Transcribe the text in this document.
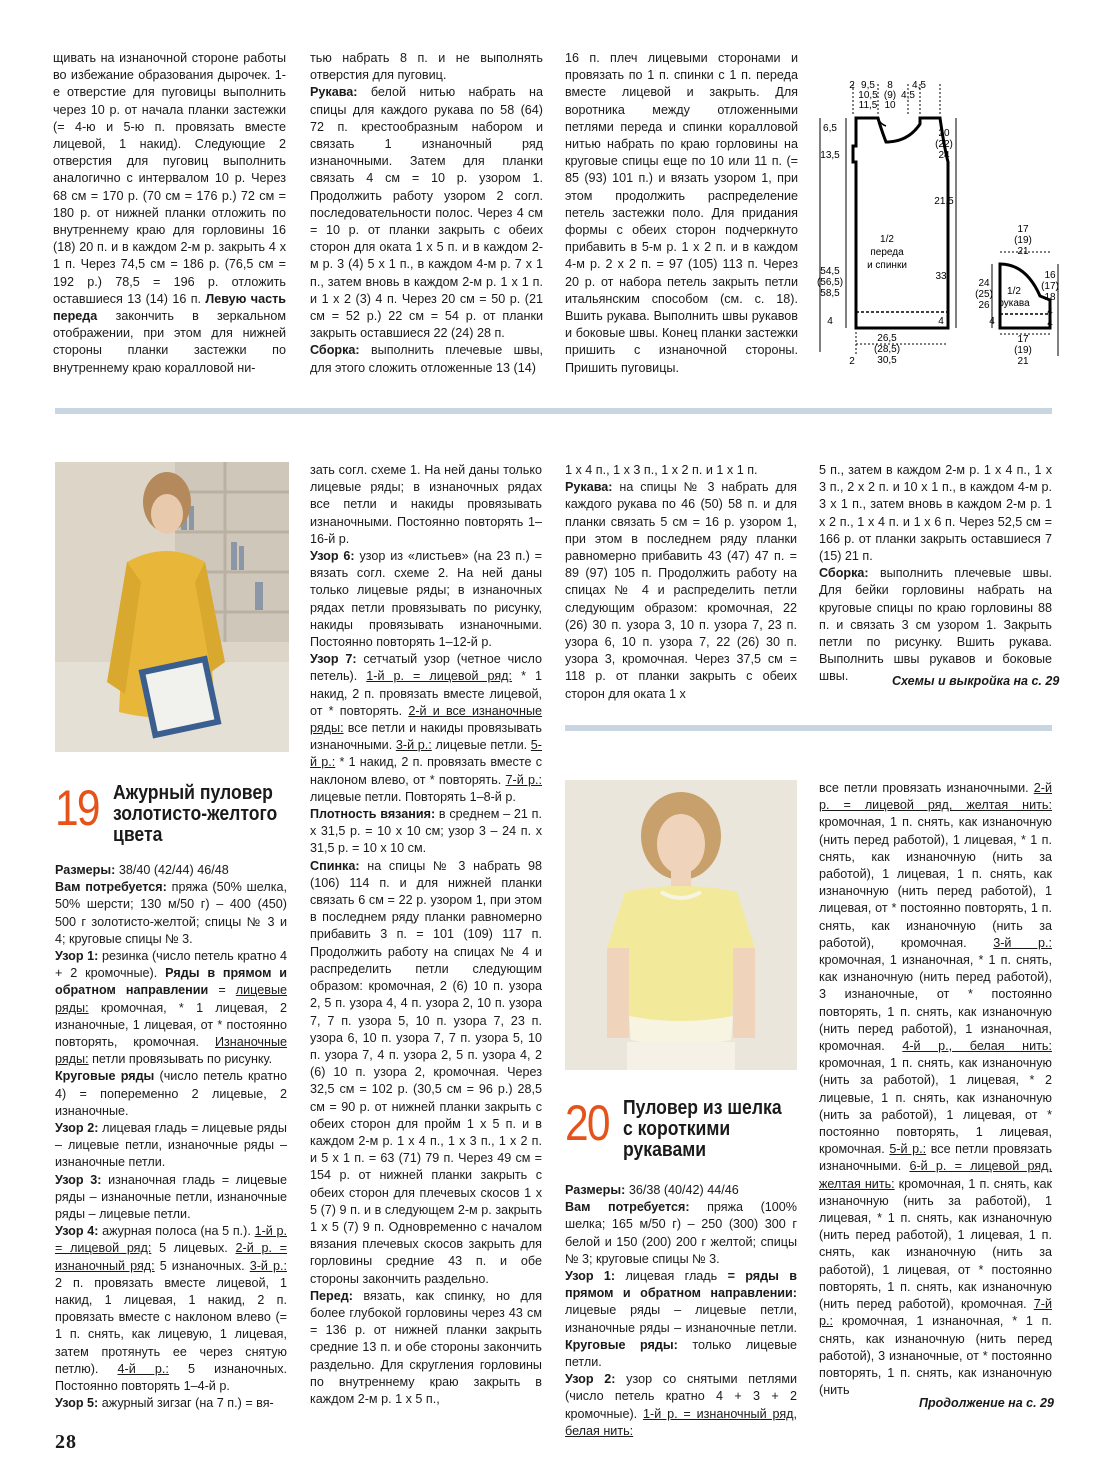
щивать на изнаночной стороне работы во избежание образования дырочек. 1-е отверстие для пуговицы выполнить через 10 р. от начала планки застежки (= 4-ю и 5-ю п. провязать вместе лицевой, 1 накид). Следующие 2 отверстия для пуговиц выполнить аналогично с интервалом 10 р. Через 68 см = 170 р. (70 см = 176 р.) 72 см = 180 р. от нижней планки отложить по внутреннему краю для горловины 16 (18) 20 п. и в каждом 2-м р. закрыть 4 х 1 п. Через 74,5 см = 186 р. (76,5 см = 192 р.) 78,5 = 196 р. отложить оставшиеся 13 (14) 16 п. Левую часть переда закончить в зеркальном отображении, при этом для нижней стороны планки застежки по внутреннему краю коралловой ни-

тью набрать 8 п. и не выполнять отверстия для пуговиц.

Рукава: белой нитью набрать на спицы для каждого рукава по 58 (64) 72 п. крестообразным набором и связать 1 изнаночный ряд изнаночными. Затем для планки связать 4 см = 10 р. узором 1. Продолжить работу узором 2 согл. последовательности полос. Через 4 см = 10 р. от планки закрыть с обеих сторон для оката 1 х 5 п. и в каждом 2-м р. 3 (4) 5 х 1 п., в каждом 4-м р. 7 х 1 п., затем вновь в каждом 2-м р. 1 х 1 п. и 1 х 2 (3) 4 п. Через 20 см = 50 р. (21 см = 52 р.) 22 см = 54 р. от планки закрыть оставшиеся 22 (24) 28 п.

Сборка: выполнить плечевые швы, для этого сложить отложенные 13 (14)

16 п. плеч лицевыми сторонами и провязать по 1 п. спинки с 1 п. переда вместе лицевой и закрыть. Для воротника между отложенными петлями переда и спинки коралловой нитью набрать по краю горловины на круговые спицы еще по 10 или 11 п. (= 85 (93) 101 п.) и вязать узором 1, при этом продолжить распределение петель застежки поло. Для придания формы с обеих сторон подчеркнуто прибавить в 5-м р. 1 х 2 п. и в каждом 4-м р. 2 х 2 п. = 97 (105) 113 п. Через 20 р. от набора петель закрыть петли итальянским способом (см. с. 18). Вшить рукава. Выполнить швы рукавов и боковые швы. Конец планки застежки пришить с изнаночной стороны. Пришить пуговицы.

2 9,5 8 4,5
10,5 (9) 4,5
11,5 10
6,5
13,5
54,5
(56,5)
58,5
4
2
20
(22)
24
21,5
33
4
1/2
переда
и спинки
26,5
(28,5)
30,5
17
(19)
21
24
(25)
26
1/2
рукава
16
(17)
18
4
4
17
(19)
21
4
19 Ажурный пуловер
золотисто-желтого
цвета

Размеры: 38/40 (42/44) 46/48

Вам потребуется: пряжа (50% шелка, 50% шерсти; 130 м/50 г) – 400 (450) 500 г золотисто-желтой; спицы № 3 и 4; круговые спицы № 3.

Узор 1: резинка (число петель кратно 4 + 2 кромочные). Ряды в прямом и обратном направлении = лицевые ряды: кромочная, * 1 лицевая, 2 изнаночные, 1 лицевая, от * постоянно повторять, кромочная. Изнаночные ряды: петли провязывать по рисунку.

Круговые ряды (число петель кратно 4) = попеременно 2 лицевые, 2 изнаночные.

Узор 2: лицевая гладь = лицевые ряды – лицевые петли, изнаночные ряды – изнаночные петли.

Узор 3: изнаночная гладь = лицевые ряды – изнаночные петли, изнаночные ряды – лицевые петли.

Узор 4: ажурная полоса (на 5 п.). 1-й р. = лицевой ряд: 5 лицевых. 2-й р. = изнаночный ряд: 5 изнаночных. 3-й р.: 2 п. провязать вместе лицевой, 1 накид, 1 лицевая, 1 накид, 2 п. провязать вместе с наклоном влево (= 1 п. снять, как лицевую, 1 лицевая, затем протянуть ее через снятую петлю). 4-й р.: 5 изнаночных. Постоянно повторять 1–4-й р.

Узор 5: ажурный зигзаг (на 7 п.) = вя-

зать согл. схеме 1. На ней даны только лицевые ряды; в изнаночных рядах все петли и накиды провязывать изнаночными. Постоянно повторять 1–16-й р.

Узор 6: узор из «листьев» (на 23 п.) = вязать согл. схеме 2. На ней даны только лицевые ряды; в изнаночных рядах петли провязывать по рисунку, накиды провязывать изнаночными. Постоянно повторять 1–12-й р.

Узор 7: сетчатый узор (четное число петель). 1-й р. = лицевой ряд: * 1 накид, 2 п. провязать вместе лицевой, от * повторять. 2-й и все изнаночные ряды: все петли и накиды провязывать изнаночными. 3-й р.: лицевые петли. 5-й р.: * 1 накид, 2 п. провязать вместе с наклоном влево, от * повторять. 7-й р.: лицевые петли. Повторять 1–8-й р.

Плотность вязания: в среднем – 21 п. х 31,5 р. = 10 х 10 см; узор 3 – 24 п. х 31,5 р. = 10 х 10 см.

Спинка: на спицы № 3 набрать 98 (106) 114 п. и для нижней планки связать 6 см = 22 р. узором 1, при этом в последнем ряду планки равномерно прибавить 3 п. = 101 (109) 117 п. Продолжить работу на спицах № 4 и распределить петли следующим образом: кромочная, 2 (6) 10 п. узора 2, 5 п. узора 4, 4 п. узора 2, 10 п. узора 7, 7 п. узора 5, 10 п. узора 7, 23 п. узора 6, 10 п. узора 7, 7 п. узора 5, 10 п. узора 7, 4 п. узора 2, 5 п. узора 4, 2 (6) 10 п. узора 2, кромочная. Через 32,5 см = 102 р. (30,5 см = 96 р.) 28,5 см = 90 р. от нижней планки закрыть с обеих сторон для пройм 1 х 5 п. и в каждом 2-м р. 1 х 4 п., 1 х 3 п., 1 х 2 п. и 5 х 1 п. = 63 (71) 79 п. Через 49 см = 154 р. от нижней планки закрыть с обеих сторон для плечевых скосов 1 х 5 (7) 9 п. и в следующем 2-м р. закрыть 1 х 5 (7) 9 п. Одновременно с началом вязания плечевых скосов закрыть для горловины средние 43 п. и обе стороны закончить раздельно.

Перед: вязать, как спинку, но для более глубокой горловины через 43 см = 136 р. от нижней планки закрыть средние 13 п. и обе стороны закончить раздельно. Для скругления горловины по внутреннему краю закрыть в каждом 2-м р. 1 х 5 п.,

1 х 4 п., 1 х 3 п., 1 х 2 п. и 1 х 1 п.

Рукава: на спицы № 3 набрать для каждого рукава по 46 (50) 58 п. и для планки связать 5 см = 16 р. узором 1, при этом в последнем ряду планки равномерно прибавить 43 (47) 47 п. = 89 (97) 105 п. Продолжить работу на спицах № 4 и распределить петли следующим образом: кромочная, 22 (26) 30 п. узора 3, 10 п. узора 7, 23 п. узора 6, 10 п. узора 7, 22 (26) 30 п. узора 3, кромочная. Через 37,5 см = 118 р. от планки закрыть с обеих сторон для оката 1 х

5 п., затем в каждом 2-м р. 1 х 4 п., 1 х 3 п., 2 х 2 п. и 10 х 1 п., в каждом 4-м р. 3 х 1 п., затем вновь в каждом 2-м р. 1 х 2 п., 1 х 4 п. и 1 х 6 п. Через 52,5 см = 166 р. от планки закрыть оставшиеся 7 (15) 21 п.

Сборка: выполнить плечевые швы. Для бейки горловины набрать на круговые спицы по краю горловины 88 п. и связать 3 см узором 1. Закрыть петли по рисунку. Вшить рукава. Выполнить швы рукавов и боковые швы.	Схемы и выкройка на с. 29
20 Пуловер из шелка
с короткими
рукавами

Размеры: 36/38 (40/42) 44/46

Вам потребуется: пряжа (100% шелка; 165 м/50 г) – 250 (300) 300 г белой и 150 (200) 200 г желтой; спицы № 3; круговые спицы № 3.

Узор 1: лицевая гладь = ряды в прямом и обратном направлении: лицевые ряды – лицевые петли, изнаночные ряды – изнаночные петли. Круговые ряды: только лицевые петли.

Узор 2: узор со снятыми петлями (число петель кратно 4 + 3 + 2 кромочные). 1-й р. = изнаночный ряд, белая нить:

все петли провязать изнаночными. 2-й р. = лицевой ряд, желтая нить: кромочная, 1 п. снять, как изнаночную (нить перед работой), 1 лицевая, * 1 п. снять, как изнаночную (нить за работой), 1 лицевая, 1 п. снять, как изнаночную (нить перед работой), 1 лицевая, от * постоянно повторять, 1 п. снять, как изнаночную (нить за работой), кромочная. 3-й р.: кромочная, 1 изнаночная, * 1 п. снять, как изнаночную (нить перед работой), 3 изнаночные, от * постоянно повторять, 1 п. снять, как изнаночную (нить перед работой), 1 изнаночная, кромочная. 4-й р., белая нить: кромочная, 1 п. снять, как изнаночную (нить за работой), 1 лицевая, * 2 лицевые, 1 п. снять, как изнаночную (нить за работой), 1 лицевая, от * постоянно повторять, 1 лицевая, кромочная. 5-й р.: все петли провязать изнаночными. 6-й р. = лицевой ряд, желтая нить: кромочная, 1 п. снять, как изнаночную (нить за работой), 1 лицевая, * 1 п. снять, как изнаночную (нить перед работой), 1 лицевая, 1 п. снять, как изнаночную (нить за работой), 1 лицевая, от * постоянно повторять, 1 п. снять, как изнаночную (нить перед работой), кромочная. 7-й р.: кромочная, 1 изнаночная, * 1 п. снять, как изнаночную (нить перед работой), 3 изнаночные, от * постоянно повторять, 1 п. снять, как изнаночную (нить

Продолжение на с. 29
28
